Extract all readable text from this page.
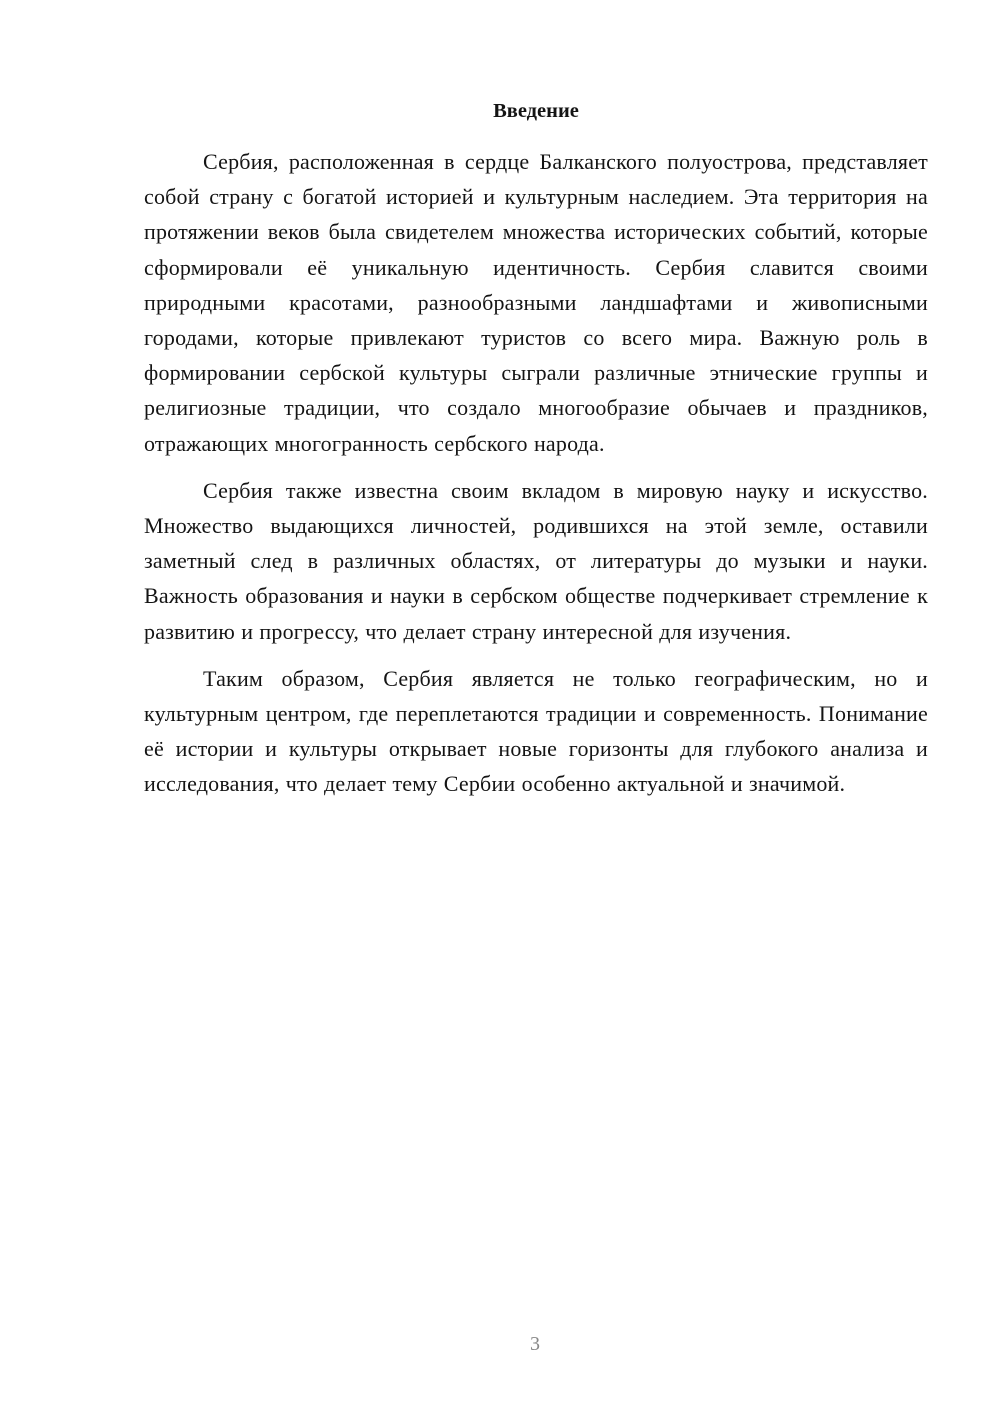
Введение

Сербия, расположенная в сердце Балканского полуострова, представляет собой страну с богатой историей и культурным наследием. Эта территория на протяжении веков была свидетелем множества исторических событий, которые сформировали её уникальную идентичность. Сербия славится своими природными красотами, разнообразными ландшафтами и живописными городами, которые привлекают туристов со всего мира. Важную роль в формировании сербской культуры сыграли различные этнические группы и религиозные традиции, что создало многообразие обычаев и праздников, отражающих многогранность сербского народа.

Сербия также известна своим вкладом в мировую науку и искусство. Множество выдающихся личностей, родившихся на этой земле, оставили заметный след в различных областях, от литературы до музыки и науки. Важность образования и науки в сербском обществе подчеркивает стремление к развитию и прогрессу, что делает страну интересной для изучения.

Таким образом, Сербия является не только географическим, но и культурным центром, где переплетаются традиции и современность. Понимание её истории и культуры открывает новые горизонты для глубокого анализа и исследования, что делает тему Сербии особенно актуальной и значимой.

3
